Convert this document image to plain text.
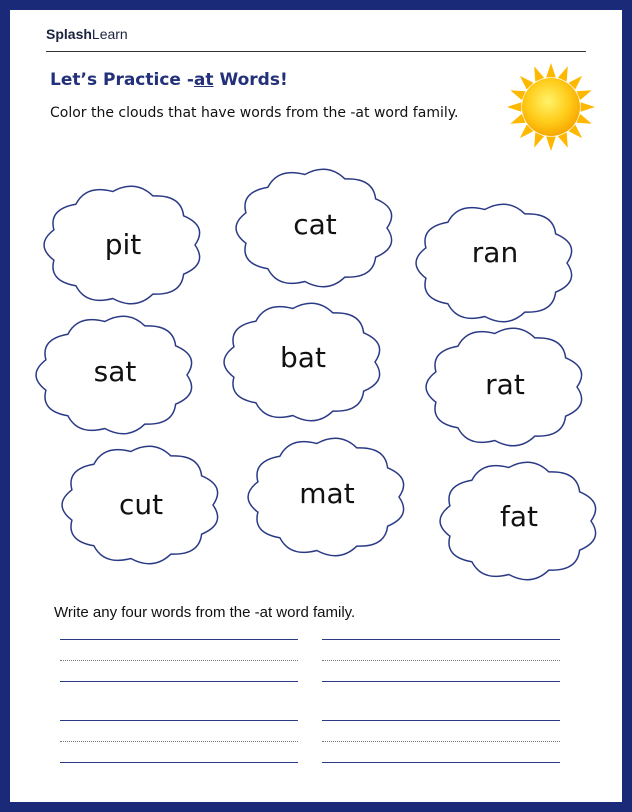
SplashLearn
Let’s Practice -at Words!
Color the clouds that have words from the -at word family.
pit
cat
ran
sat	bat
rat
cut	mat
fat
Write any four words from the -at word family.
